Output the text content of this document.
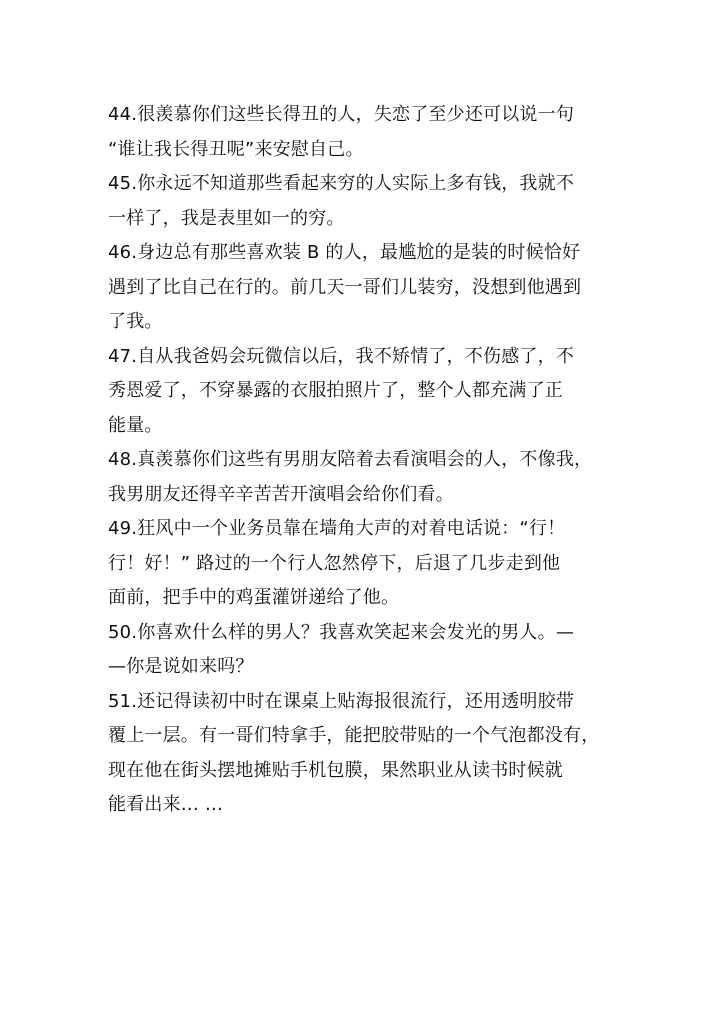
44.很羡慕你们这些长得丑的人，失恋了至少还可以说一句
“谁让我长得丑呢”来安慰自己。
45.你永远不知道那些看起来穷的人实际上多有钱，我就不
一样了，我是表里如一的穷。
46.身边总有那些喜欢装 B 的人，最尴尬的是装的时候恰好
遇到了比自己在行的。前几天一哥们儿装穷，没想到他遇到
了我。
47.自从我爸妈会玩微信以后，我不矫情了，不伤感了，不
秀恩爱了，不穿暴露的衣服拍照片了，整个人都充满了正
能量。
48.真羡慕你们这些有男朋友陪着去看演唱会的人，不像我，
我男朋友还得辛辛苦苦开演唱会给你们看。
49.狂风中一个业务员靠在墙角大声的对着电话说：“行！
行！好！” 路过的一个行人忽然停下，后退了几步走到他
面前，把手中的鸡蛋灌饼递给了他。
50.你喜欢什么样的男人？我喜欢笑起来会发光的男人。—
—你是说如来吗？
51.还记得读初中时在课桌上贴海报很流行，还用透明胶带
覆上一层。有一哥们特拿手，能把胶带贴的一个气泡都没有，
现在他在街头摆地摊贴手机包膜，果然职业从读书时候就
能看出来… …
